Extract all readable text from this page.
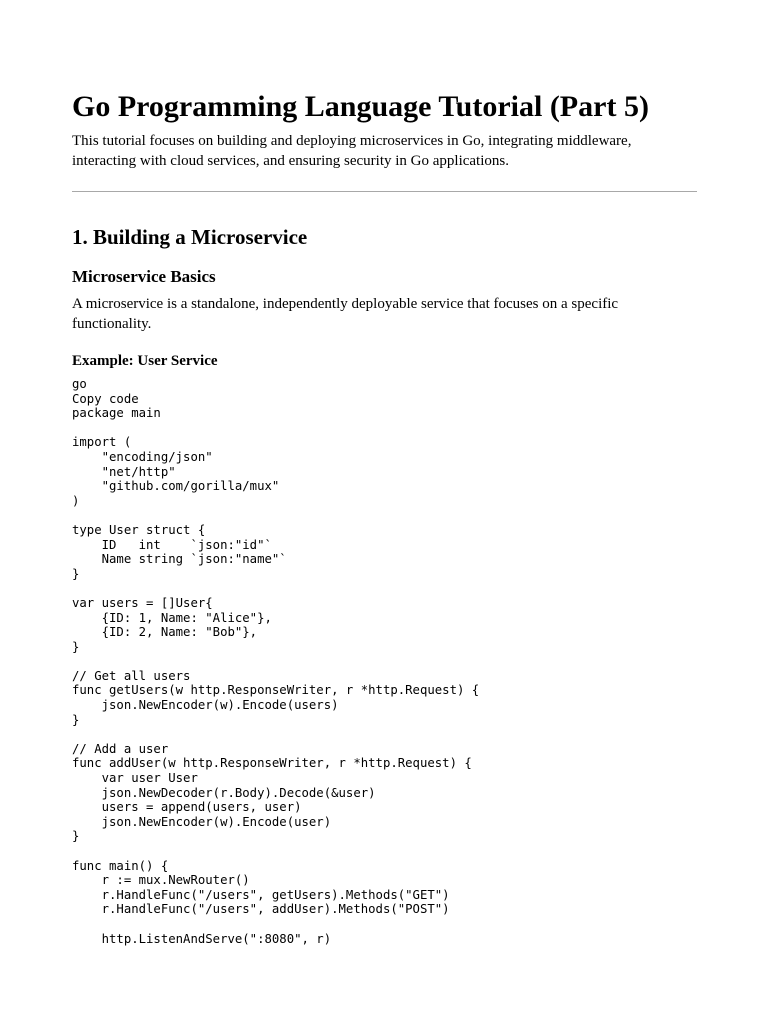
Go Programming Language Tutorial (Part 5)

This tutorial focuses on building and deploying microservices in Go, integrating middleware, interacting with cloud services, and ensuring security in Go applications.

1. Building a Microservice
Microservice Basics

A microservice is a standalone, independently deployable service that focuses on a specific functionality.

Example: User Service
go
Copy code
package main

import (
"encoding/json"
"net/http"
"github.com/gorilla/mux"
)

type User struct {
ID   int    `json:"id"`
Name string `json:"name"`
}

var users = []User{
{ID: 1, Name: "Alice"},
{ID: 2, Name: "Bob"},
}

// Get all users
func getUsers(w http.ResponseWriter, r *http.Request) {
json.NewEncoder(w).Encode(users)
}

// Add a user
func addUser(w http.ResponseWriter, r *http.Request) {
var user User
json.NewDecoder(r.Body).Decode(&user)
users = append(users, user)
json.NewEncoder(w).Encode(user)
}

func main() {
r := mux.NewRouter()
r.HandleFunc("/users", getUsers).Methods("GET")
r.HandleFunc("/users", addUser).Methods("POST")

http.ListenAndServe(":8080", r)
